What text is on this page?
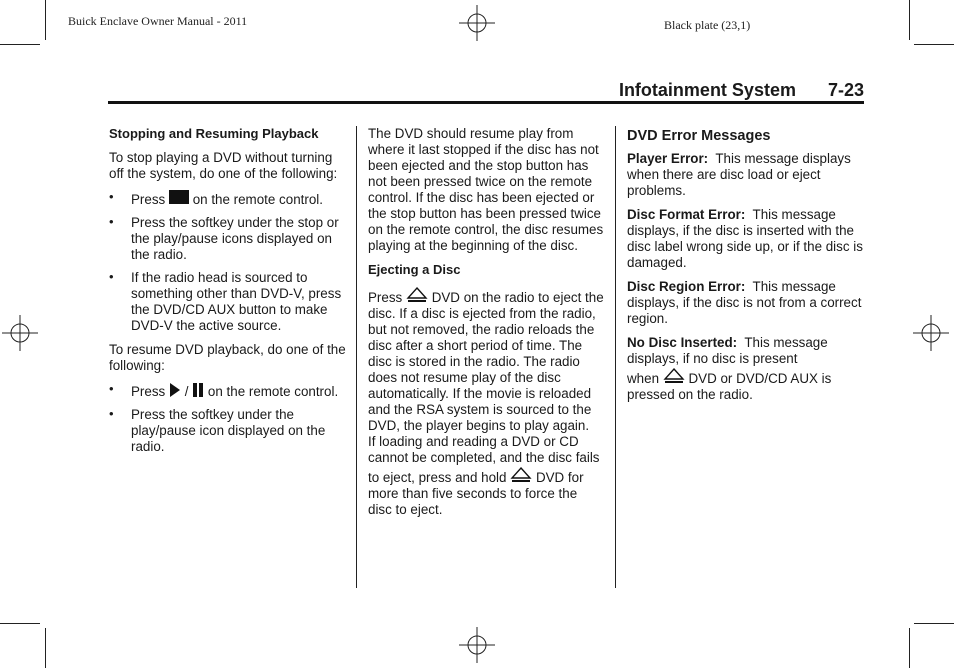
Buick Enclave Owner Manual - 2011	Black plate (23,1)
Infotainment System 7-23
Stopping and Resuming Playback

To stop playing a DVD without turning off the system, do one of the following:

• Press on the remote control.
• Press the softkey under the stop or the play/pause icons displayed on the radio.
• If the radio head is sourced to something other than DVD-V, press the DVD/CD AUX button to make DVD-V the active source.

To resume DVD playback, do one of the following:

• Press / on the remote control.
• Press the softkey under the play/pause icon displayed on the radio.

The DVD should resume play from where it last stopped if the disc has not been ejected and the stop button has not been pressed twice on the remote control. If the disc has been ejected or the stop button has been pressed twice on the remote control, the disc resumes playing at the beginning of the disc.

Ejecting a Disc

Press DVD on the radio to eject the disc. If a disc is ejected from the radio, but not removed, the radio reloads the disc after a short period of time. The disc is stored in the radio. The radio does not resume play of the disc automatically. If the movie is reloaded and the RSA system is sourced to the DVD, the player begins to play again.

If loading and reading a DVD or CD cannot be completed, and the disc fails to eject, press and hold DVD for more than five seconds to force the disc to eject.

DVD Error Messages

Player Error: This message displays when there are disc load or eject problems.

Disc Format Error: This message displays, if the disc is inserted with the disc label wrong side up, or if the disc is damaged.

Disc Region Error: This message displays, if the disc is not from a correct region.

No Disc Inserted: This message displays, if no disc is present

when DVD or DVD/CD AUX is pressed on the radio.
